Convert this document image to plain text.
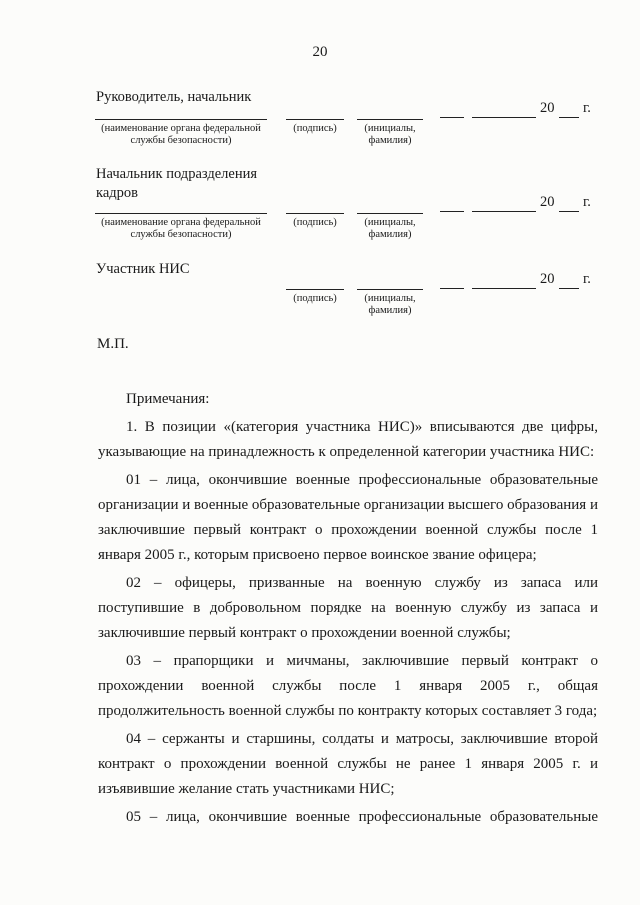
20
Руководитель, начальник
(наименование органа федеральной
службы безопасности)
(подпись)	(инициалы,
фамилия)
20 г.
Начальник подразделения
кадров
(наименование органа федеральной
службы безопасности)
(подпись)	(инициалы,
фамилия)
20 г.
Участник НИС
(подпись)	(инициалы,
фамилия)
20 г.
М.П.

Примечания:

1. В позиции «(категория участника НИС)» вписываются две цифры, указывающие на принадлежность к определенной категории участника НИС:

01 – лица, окончившие военные профессиональные образовательные организации и военные образовательные организации высшего образования и заключившие первый контракт о прохождении военной службы после 1 января 2005 г., которым присвоено первое воинское звание офицера;

02 – офицеры, призванные на военную службу из запаса или поступившие в добровольном порядке на военную службу из запаса и заключившие первый контракт о прохождении военной службы;

03 – прапорщики и мичманы, заключившие первый контракт о прохождении военной службы после 1 января 2005 г., общая продолжительность военной службы по контракту которых составляет 3 года;

04 – сержанты и старшины, солдаты и матросы, заключившие второй контракт о прохождении военной службы не ранее 1 января 2005 г. и изъявившие желание стать участниками НИС;

05 – лица, окончившие военные профессиональные образовательные
